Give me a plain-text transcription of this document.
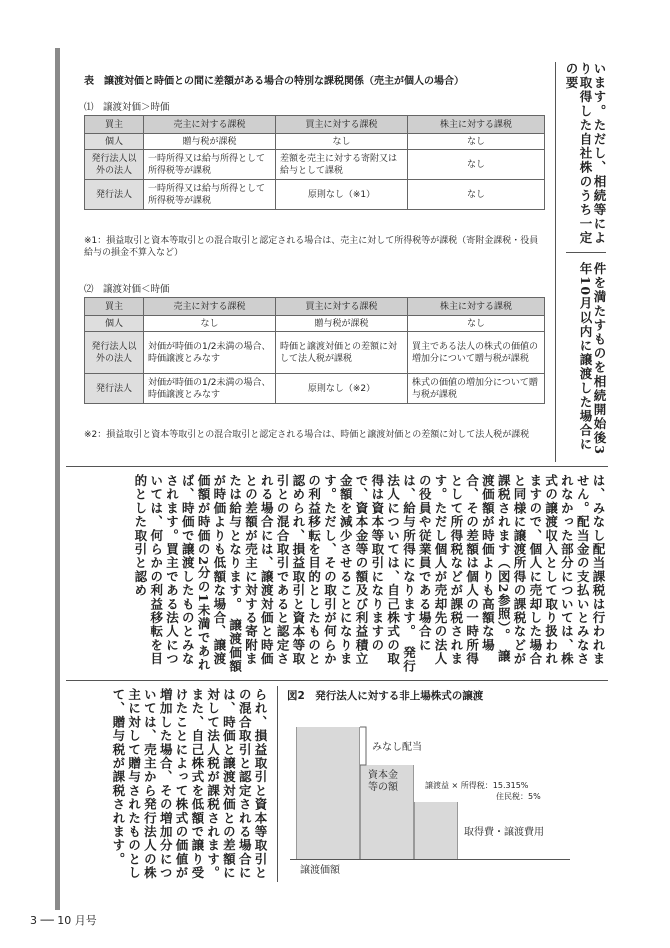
表　譲渡対価と時価との間に差額がある場合の特別な課税関係（売主が個人の場合）
⑴　譲渡対価＞時価
買主	売主に対する課税	買主に対する課税	株主に対する課税
個人	贈与税が課税	なし	なし
発行法人以外の法人	一時所得又は給与所得として所得税等が課税	差額を売主に対する寄附又は給与として課税	なし
発行法人	一時所得又は給与所得として所得税等が課税	原則なし（※1）	なし
※1：損益取引と資本等取引との混合取引と認定される場合は、売主に対して所得税等が課税（寄附金課税・役員給与の損金不算入など）
⑵　譲渡対価＜時価
買主	売主に対する課税	買主に対する課税	株主に対する課税
個人	なし	贈与税が課税	なし
発行法人以外の法人	対価が時価の1/2未満の場合、時価譲渡とみなす	時価と譲渡対価との差額に対して法人税が課税	買主である法人の株式の価値の増加分について贈与税が課税
発行法人	対価が時価の1/2未満の場合、時価譲渡とみなす	原則なし（※2）	株式の価値の増加分について贈与税が課税
※2：損益取引と資本等取引との混合取引と認定される場合は、時価と譲渡対価との差額に対して法人税が課税
います。ただし、相続等により取得した自社株のうち一定の要
件を満たすものを相続開始後3年10月以内に譲渡した場合に
は、みなし配当課税は行われません。配当金の支払いとみなされなかった部分については、株式の譲渡収入として取り扱われますので、個人に売却した場合と同様に譲渡所得の課税などが課税されます（図2参照）。　譲渡価額が時価よりも高額な場合、その差額は個人の一時所得として所得税などが課税されます。ただし個人が売却先の法人の役員や従業員である場合には、給与所得になります。　発行法人については、自己株式の取得は資本等取引になりますので、資本金等の額及び利益積立金額を減少させることになります。ただし、その取引が何らかの利益移転を目的としたものと認められ、損益取引と資本等取引との混合取引であると認定される場合には、譲渡対価と時価との差額が売主に対する寄附または給与となります。　譲渡価額が時価よりも低額な場合、譲渡価額が時価の2分の1未満であれば、時価で譲渡したものとみなされます。買主である法人については、何らかの利益移転を目的とした取引と認め
られ、損益取引と資本等取引との混合取引と認定される場合には、時価と譲渡対価との差額に対して法人税が課税されます。また、自己株式を低額で譲り受けたことによって株式の価値が増加した場合、その増加分については、売主から発行法人の株主に対して贈与されたものとして、贈与税が課税されます。	図2　発行法人に対する非上場株式の譲渡
みなし配当
資本金
等の額	譲渡益 × 所得税：15.315%
住民税：5%
取得費・譲渡費用
譲渡価額
3 ── 10 月号
